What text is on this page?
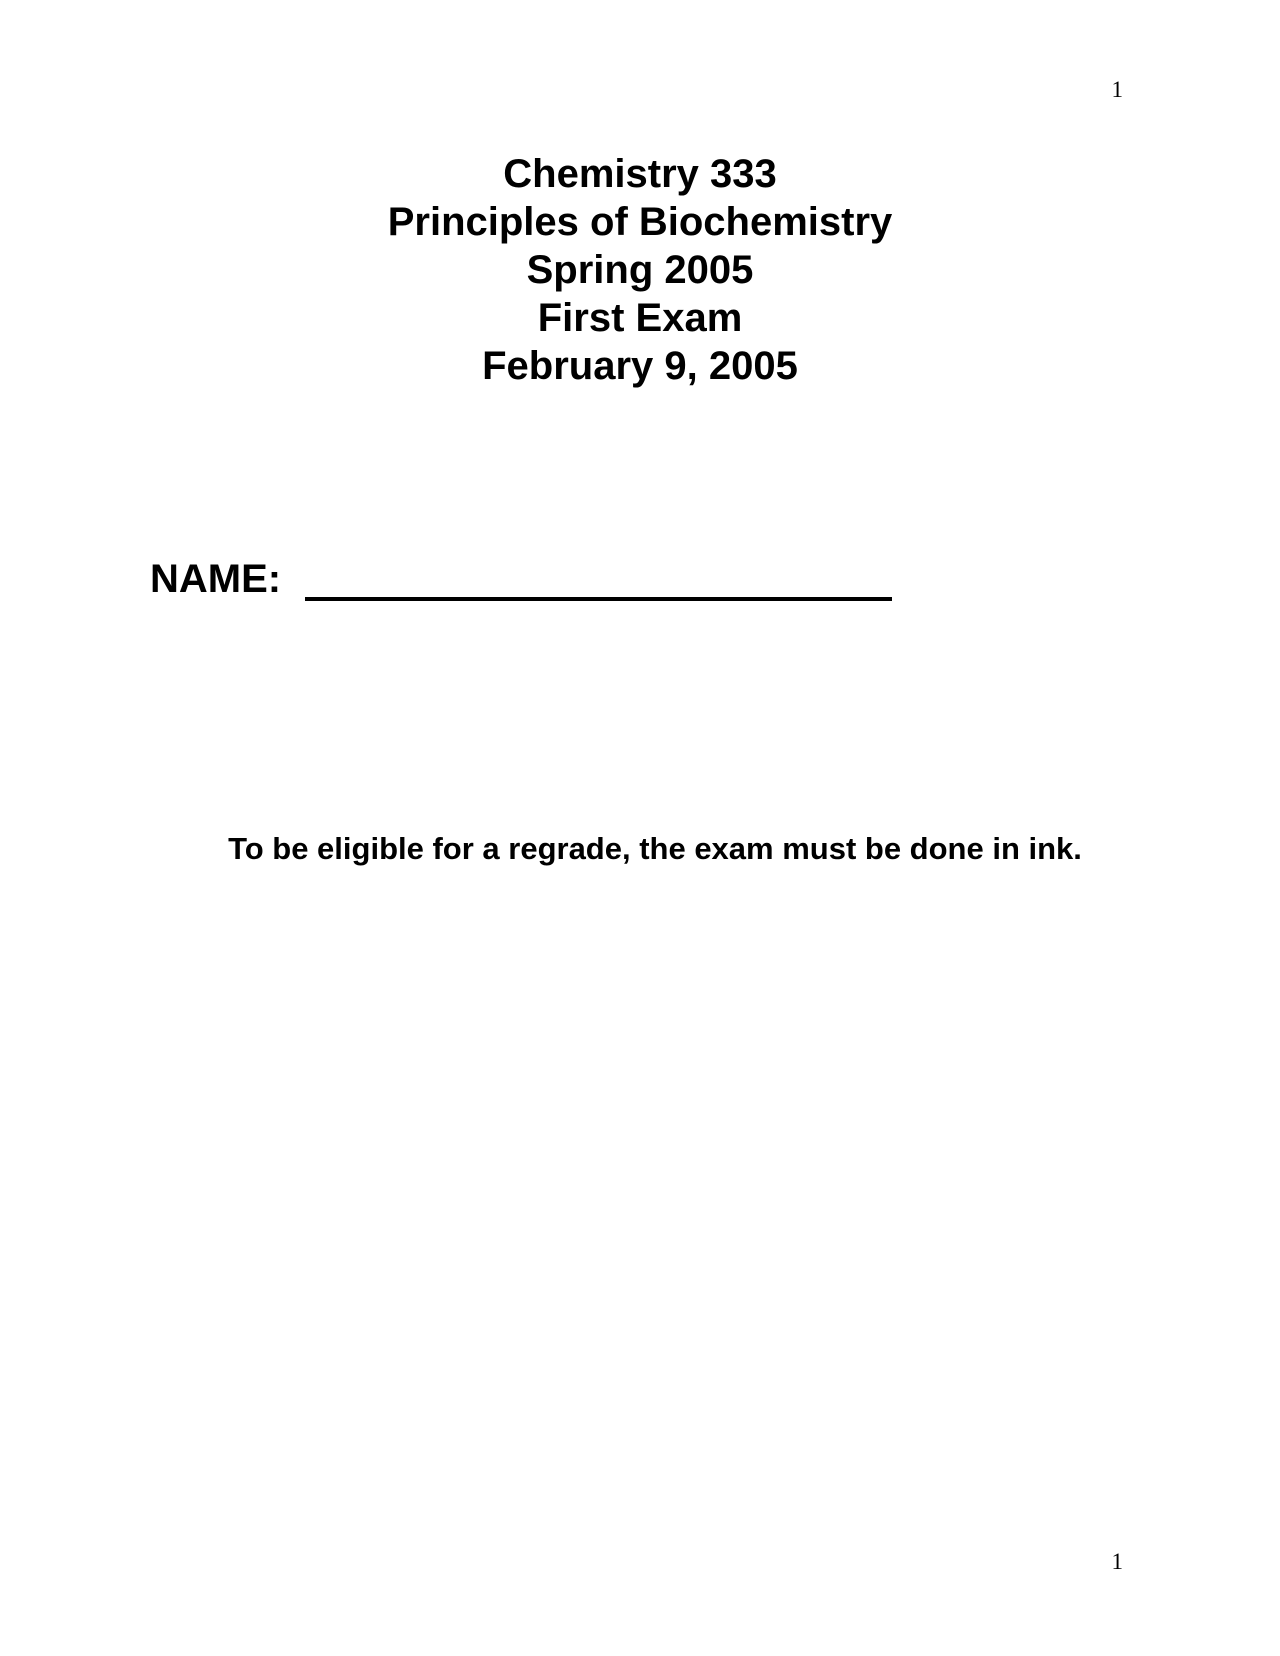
1
Chemistry 333
Principles of Biochemistry
Spring 2005
First Exam
February 9, 2005
NAME:
To be eligible for a regrade, the exam must be done in ink.
1
